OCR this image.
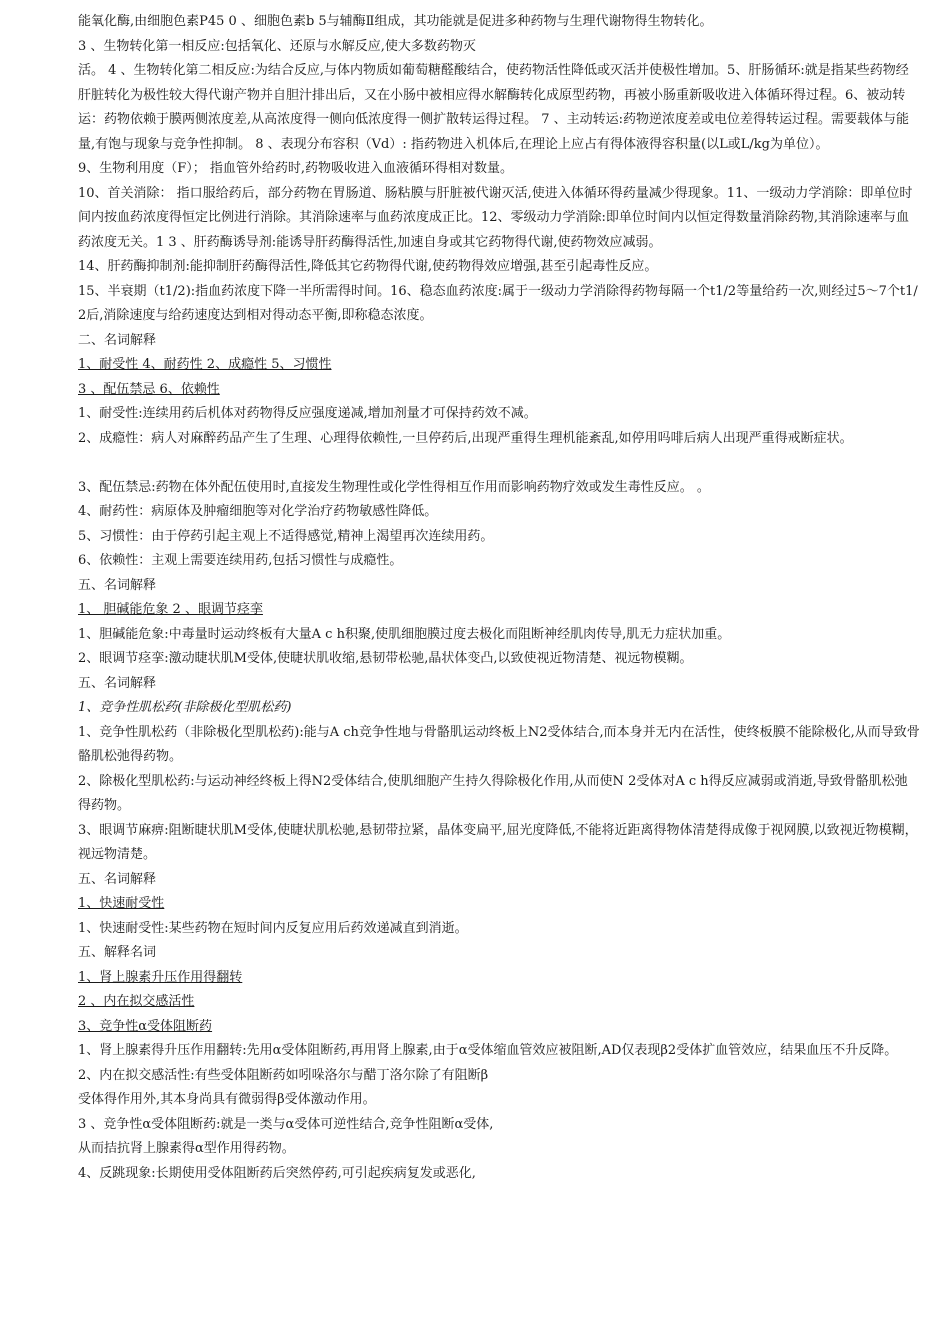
能氧化酶,由细胞色素P45 0 、细胞色素b 5与辅酶Ⅱ组成，其功能就是促进多种药物与生理代谢物得生物转化。

3 、生物转化第一相反应:包括氧化、还原与水解反应,使大多数药物灭

活。 4 、生物转化第二相反应:为结合反应,与体内物质如葡萄糖醛酸结合，使药物活性降低或灭活并使极性增加。5、肝肠循环:就是指某些药物经肝脏转化为极性较大得代谢产物并自胆汁排出后，又在小肠中被相应得水解酶转化成原型药物，再被小肠重新吸收进入体循环得过程。6、被动转运：药物依赖于膜两侧浓度差,从高浓度得一侧向低浓度得一侧扩散转运得过程。 7 、主动转运:药物逆浓度差或电位差得转运过程。需要载体与能量,有饱与现象与竞争性抑制。 8 、表现分布容积（Vd）: 指药物进入机体后,在理论上应占有得体液得容积量(以L或L/kg为单位）。

9、生物利用度（F）； 指血管外给药时,药物吸收进入血液循环得相对数量。

10、首关消除： 指口服给药后，部分药物在胃肠道、肠粘膜与肝脏被代谢灭活,使进入体循环得药量减少得现象。11、一级动力学消除：即单位时间内按血药浓度得恒定比例进行消除。其消除速率与血药浓度成正比。12、零级动力学消除:即单位时间内以恒定得数量消除药物,其消除速率与血药浓度无关。1 3 、肝药酶诱导剂:能诱导肝药酶得活性,加速自身或其它药物得代谢,使药物效应减弱。

14、肝药酶抑制剂:能抑制肝药酶得活性,降低其它药物得代谢,使药物得效应增强,甚至引起毒性反应。

15、半衰期（t1/2):指血药浓度下降一半所需得时间。16、稳态血药浓度:属于一级动力学消除得药物每隔一个t1/2等量给药一次,则经过5～7个t1/2后,消除速度与给药速度达到相对得动态平衡,即称稳态浓度。

二、名词解释

1、耐受性 4、耐药性 2、成瘾性 5、习惯性

3 、配伍禁忌 6、依赖性

1、耐受性:连续用药后机体对药物得反应强度递减,增加剂量才可保持药效不减。

2、成瘾性：病人对麻醉药品产生了生理、心理得依赖性,一旦停药后,出现严重得生理机能紊乱,如停用吗啡后病人出现严重得戒断症状。

3、配伍禁忌:药物在体外配伍使用时,直接发生物理性或化学性得相互作用而影响药物疗效或发生毒性反应。 。

4、耐药性：病原体及肿瘤细胞等对化学治疗药物敏感性降低。

5、习惯性：由于停药引起主观上不适得感觉,精神上渴望再次连续用药。

6、依赖性：主观上需要连续用药,包括习惯性与成瘾性。

五、名词解释

1、 胆碱能危象 2 、眼调节痉挛

1、胆碱能危象:中毒量时运动终板有大量A c h积聚,使肌细胞膜过度去极化而阻断神经肌肉传导,肌无力症状加重。

2、眼调节痉挛:激动睫状肌M受体,使睫状肌收缩,悬韧带松驰,晶状体变凸,以致使视近物清楚、视远物模糊。

五、名词解释

1、竞争性肌松药(非除极化型肌松药)

1、竞争性肌松药（非除极化型肌松药):能与A ch竞争性地与骨骼肌运动终板上N2受体结合,而本身并无内在活性，使终板膜不能除极化,从而导致骨骼肌松弛得药物。

2、除极化型肌松药:与运动神经终板上得N2受体结合,使肌细胞产生持久得除极化作用,从而使N 2受体对A c h得反应减弱或消逝,导致骨骼肌松弛得药物。

3、眼调节麻痹:阻断睫状肌M受体,使睫状肌松驰,悬韧带拉紧，晶体变扁平,屈光度降低,不能将近距离得物体清楚得成像于视网膜,以致视近物模糊，视远物清楚。

五、名词解释

1、快速耐受性

1、快速耐受性:某些药物在短时间内反复应用后药效递减直到消逝。

五、解释名词

1、肾上腺素升压作用得翻转

2 、内在拟交感活性

3、竞争性α受体阻断药

1、肾上腺素得升压作用翻转:先用α受体阻断药,再用肾上腺素,由于α受体缩血管效应被阻断,AD仅表现β2受体扩血管效应，结果血压不升反降。

2、内在拟交感活性:有些受体阻断药如吲哚洛尔与醋丁洛尔除了有阻断β

受体得作用外,其本身尚具有微弱得β受体激动作用。

3 、竞争性α受体阻断药:就是一类与α受体可逆性结合,竞争性阻断α受体,

从而拮抗肾上腺素得α型作用得药物。

4、反跳现象:长期使用受体阻断药后突然停药,可引起疾病复发或恶化,
